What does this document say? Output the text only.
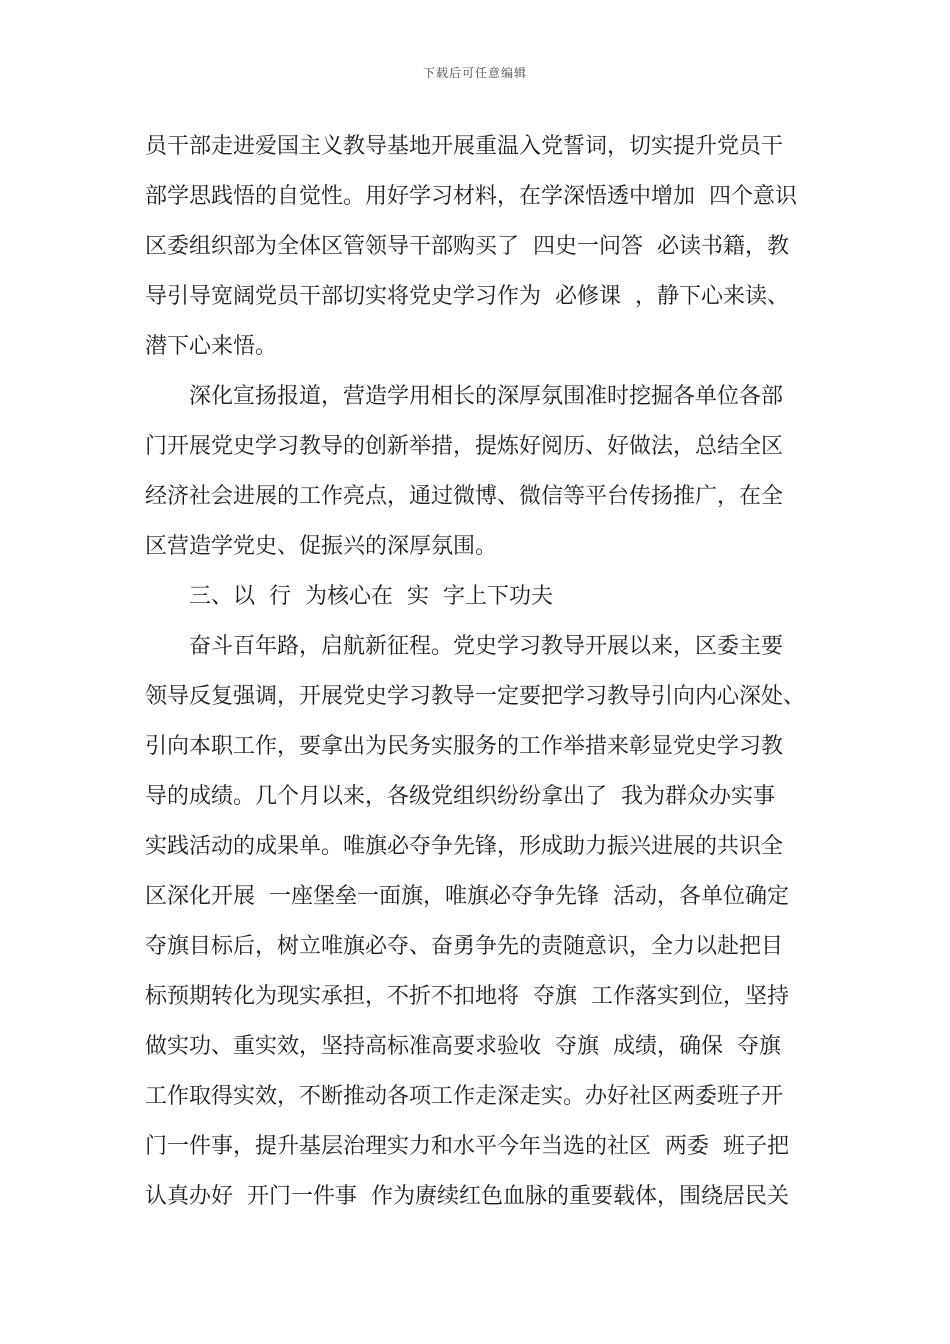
下载后可任意编辑
员干部走进爱国主义教导基地开展重温入党誓词，切实提升党员干
部学思践悟的自觉性。用好学习材料，在学深悟透中增加  四个意识
区委组织部为全体区管领导干部购买了  四史一问答  必读书籍，教
导引导宽阔党员干部切实将党史学习作为  必修课  ，静下心来读、
潜下心来悟。
深化宣扬报道，营造学用相长的深厚氛围准时挖掘各单位各部
门开展党史学习教导的创新举措，提炼好阅历、好做法，总结全区
经济社会进展的工作亮点，通过微博、微信等平台传扬推广，在全
区营造学党史、促振兴的深厚氛围。
三、以  行  为核心在  实  字上下功夫
奋斗百年路，启航新征程。党史学习教导开展以来，区委主要
领导反复强调，开展党史学习教导一定要把学习教导引向内心深处、
引向本职工作，要拿出为民务实服务的工作举措来彰显党史学习教
导的成绩。几个月以来，各级党组织纷纷拿出了  我为群众办实事
实践活动的成果单。唯旗必夺争先锋，形成助力振兴进展的共识全
区深化开展  一座堡垒一面旗，唯旗必夺争先锋  活动，各单位确定
夺旗目标后，树立唯旗必夺、奋勇争先的责随意识，全力以赴把目
标预期转化为现实承担，不折不扣地将  夺旗  工作落实到位，坚持
做实功、重实效，坚持高标准高要求验收  夺旗  成绩，确保  夺旗
工作取得实效，不断推动各项工作走深走实。办好社区两委班子开
门一件事，提升基层治理实力和水平今年当选的社区  两委  班子把
认真办好  开门一件事  作为赓续红色血脉的重要载体，围绕居民关
